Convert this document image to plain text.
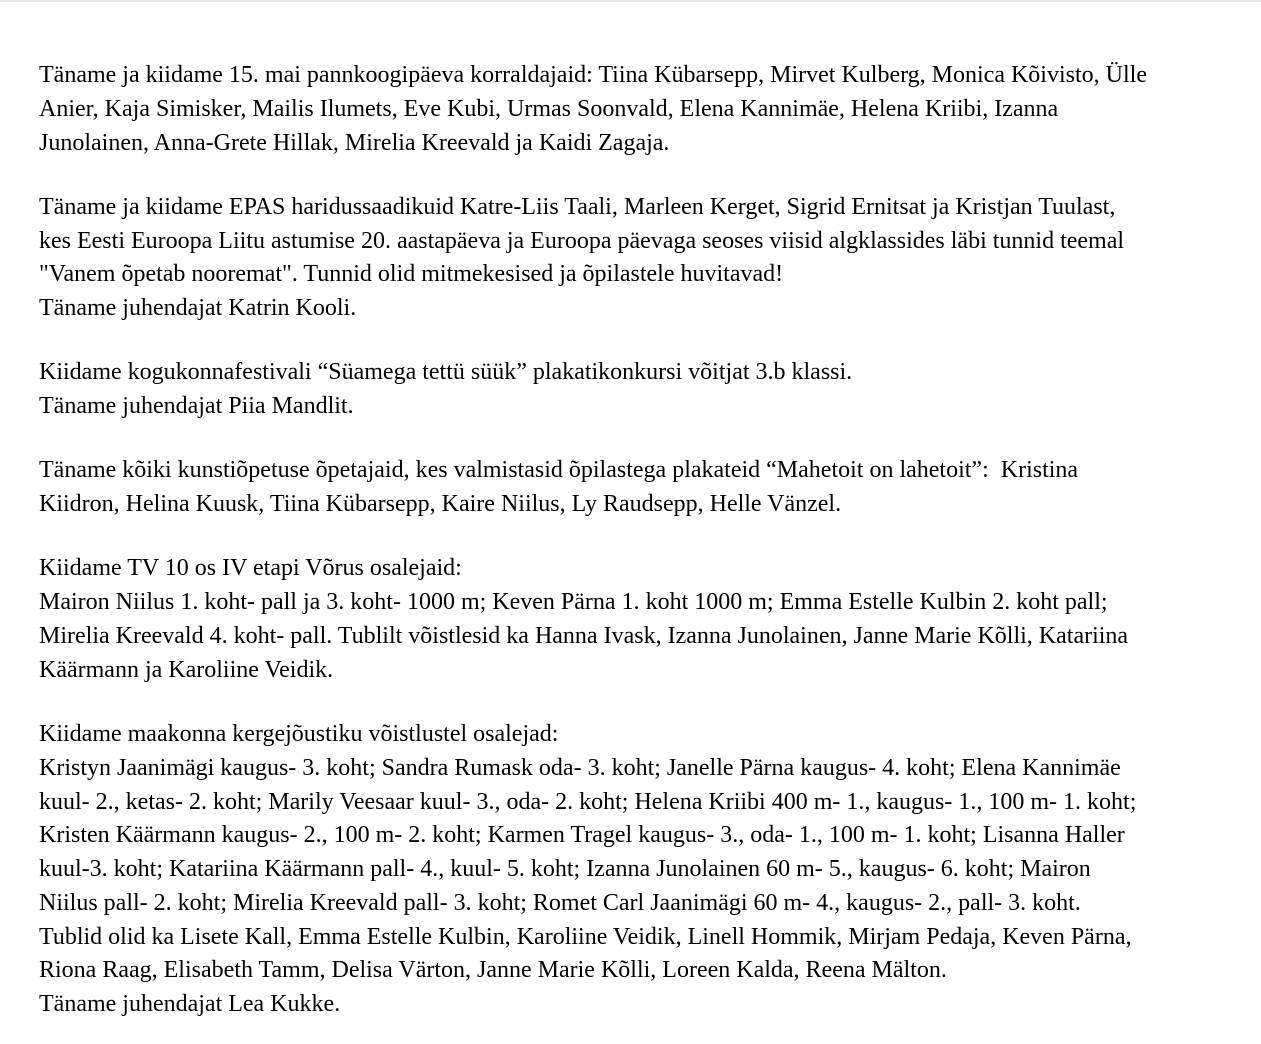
Täname ja kiidame 15. mai pannkoogipäeva korraldajaid: Tiina Kübarsepp, Mirvet Kulberg, Monica Kõivisto, Ülle
Anier, Kaja Simisker, Mailis Ilumets, Eve Kubi, Urmas Soonvald, Elena Kannimäe, Helena Kriibi, Izanna
Junolainen, Anna-Grete Hillak, Mirelia Kreevald ja Kaidi Zagaja.
Täname ja kiidame EPAS haridussaadikuid Katre-Liis Taali, Marleen Kerget, Sigrid Ernitsat ja Kristjan Tuulast,
kes Eesti Euroopa Liitu astumise 20. aastapäeva ja Euroopa päevaga seoses viisid algklassides läbi tunnid teemal
"Vanem õpetab nooremat". Tunnid olid mitmekesised ja õpilastele huvitavad!
Täname juhendajat Katrin Kooli.
Kiidame kogukonnafestivali “Süamega tettü süük” plakatikonkursi võitjat 3.b klassi.
Täname juhendajat Piia Mandlit.
Täname kõiki kunstiõpetuse õpetajaid, kes valmistasid õpilastega plakateid “Mahetoit on lahetoit”:  Kristina
Kiidron, Helina Kuusk, Tiina Kübarsepp, Kaire Niilus, Ly Raudsepp, Helle Vänzel.
Kiidame TV 10 os IV etapi Võrus osalejaid:
Mairon Niilus 1. koht- pall ja 3. koht- 1000 m; Keven Pärna 1. koht 1000 m; Emma Estelle Kulbin 2. koht pall;
Mirelia Kreevald 4. koht- pall. Tublilt võistlesid ka Hanna Ivask, Izanna Junolainen, Janne Marie Kõlli, Katariina
Käärmann ja Karoliine Veidik.
Kiidame maakonna kergejõustiku võistlustel osalejad:
Kristyn Jaanimägi kaugus- 3. koht; Sandra Rumask oda- 3. koht; Janelle Pärna kaugus- 4. koht; Elena Kannimäe
kuul- 2., ketas- 2. koht; Marily Veesaar kuul- 3., oda- 2. koht; Helena Kriibi 400 m- 1., kaugus- 1., 100 m- 1. koht;
Kristen Käärmann kaugus- 2., 100 m- 2. koht; Karmen Tragel kaugus- 3., oda- 1., 100 m- 1. koht; Lisanna Haller
kuul-3. koht; Katariina Käärmann pall- 4., kuul- 5. koht; Izanna Junolainen 60 m- 5., kaugus- 6. koht; Mairon
Niilus pall- 2. koht; Mirelia Kreevald pall- 3. koht; Romet Carl Jaanimägi 60 m- 4., kaugus- 2., pall- 3. koht.
Tublid olid ka Lisete Kall, Emma Estelle Kulbin, Karoliine Veidik, Linell Hommik, Mirjam Pedaja, Keven Pärna,
Riona Raag, Elisabeth Tamm, Delisa Värton, Janne Marie Kõlli, Loreen Kalda, Reena Mälton.
Täname juhendajat Lea Kukke.
